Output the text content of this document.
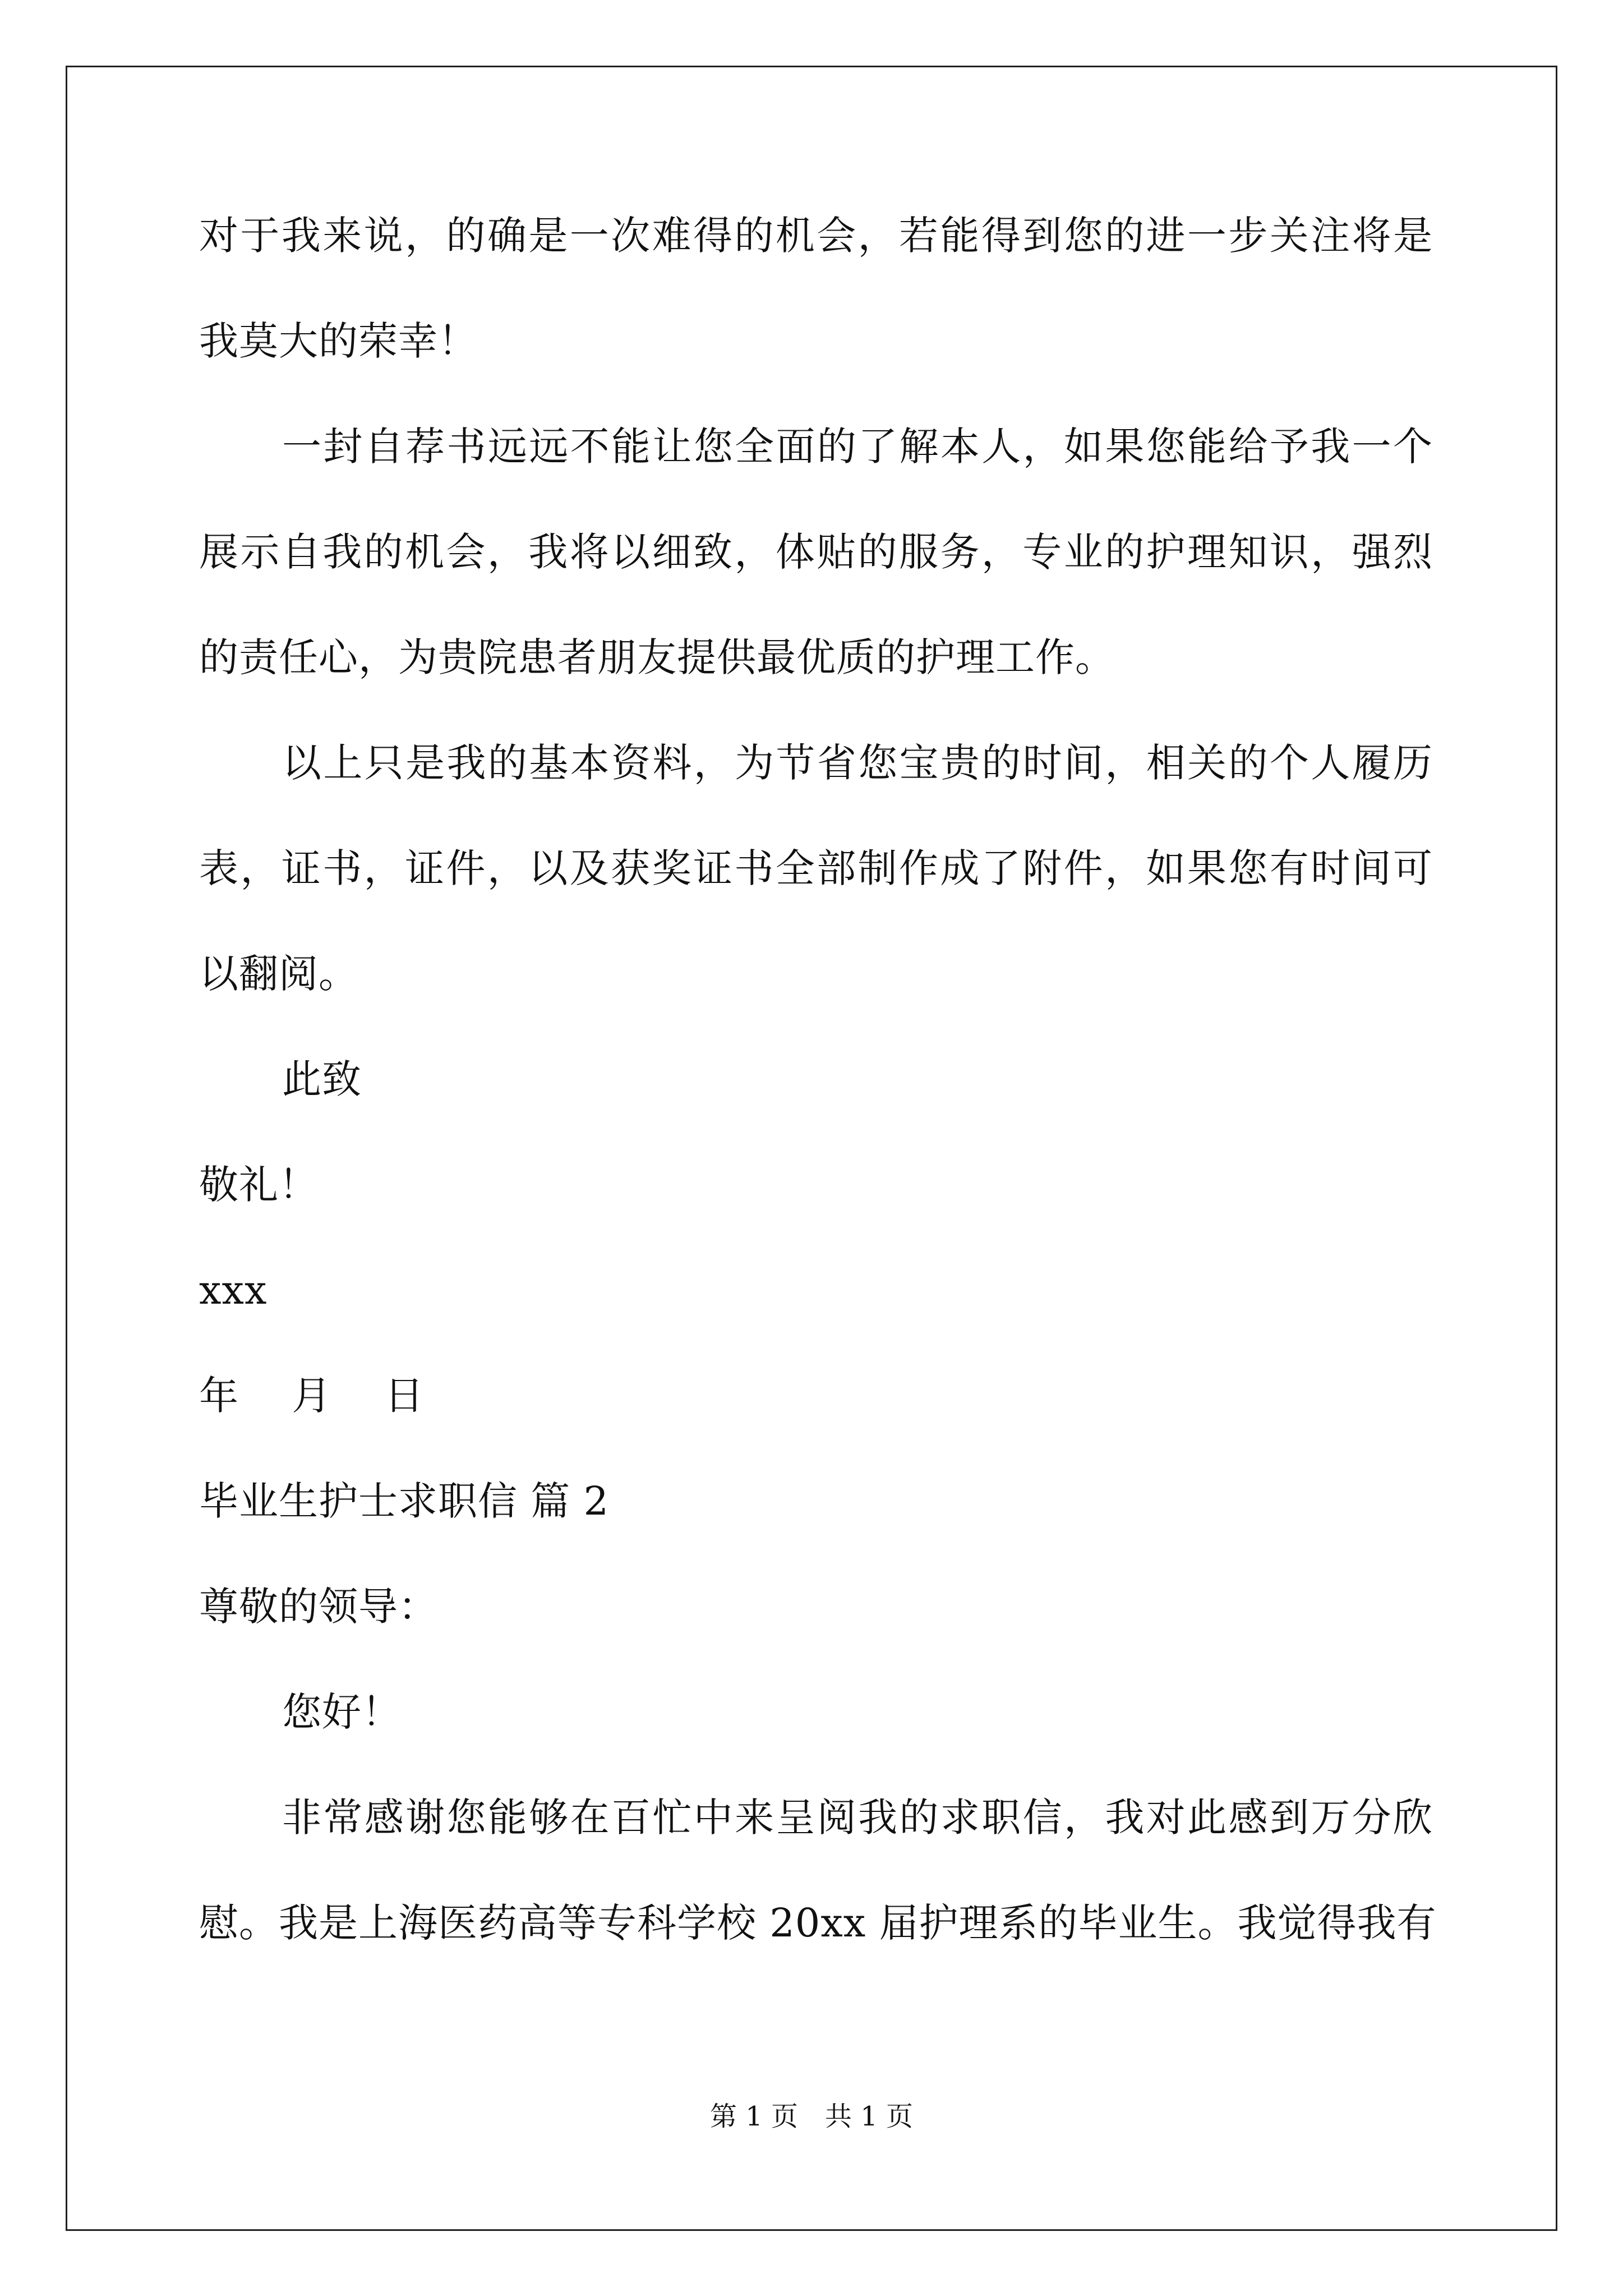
对于我来说，的确是一次难得的机会，若能得到您的进一步关注将是
我莫大的荣幸！
一封自荐书远远不能让您全面的了解本人，如果您能给予我一个
展示自我的机会，我将以细致，体贴的服务，专业的护理知识，强烈
的责任心，为贵院患者朋友提供最优质的护理工作。
以上只是我的基本资料，为节省您宝贵的时间，相关的个人履历
表，证书，证件，以及获奖证书全部制作成了附件，如果您有时间可
以翻阅。
此致
敬礼！
xxx
年　 月　 日
毕业生护士求职信 篇 2
尊敬的领导：
您好！
非常感谢您能够在百忙中来呈阅我的求职信，我对此感到万分欣
慰。我是上海医药高等专科学校 20xx 届护理系的毕业生。我觉得我有
第 1 页　共 1 页
